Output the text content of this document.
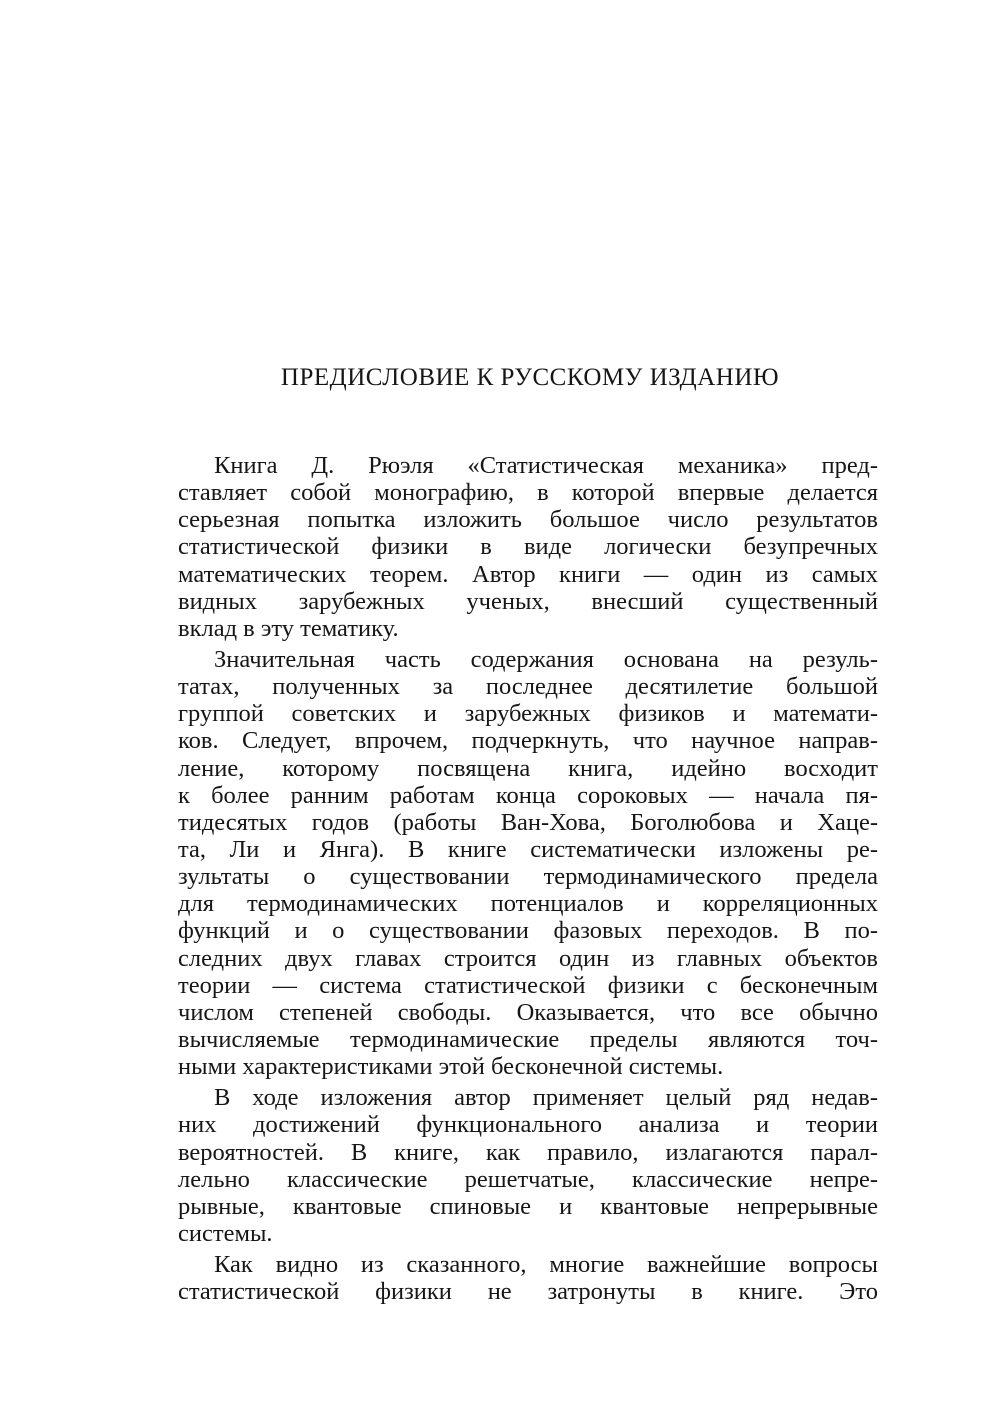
ПРЕДИСЛОВИЕ К РУССКОМУ ИЗДАНИЮ

Книга Д. Рюэля «Статистическая механика» пред-
ставляет собой монографию, в которой впервые делается
серьезная попытка изложить большое число результатов
статистической физики в виде логически безупречных
математических теорем. Автор книги — один из самых
видных зарубежных ученых, внесший существенный
вклад в эту тематику.

Значительная часть содержания основана на резуль-
татах, полученных за последнее десятилетие большой
группой советских и зарубежных физиков и математи-
ков. Следует, впрочем, подчеркнуть, что научное направ-
ление, которому посвящена книга, идейно восходит
к более ранним работам конца сороковых — начала пя-
тидесятых годов (работы Ван-Хова, Боголюбова и Хаце-
та, Ли и Янга). В книге систематически изложены ре-
зультаты о существовании термодинамического предела
для термодинамических потенциалов и корреляционных
функций и о существовании фазовых переходов. В по-
следних двух главах строится один из главных объектов
теории — система статистической физики с бесконечным
числом степеней свободы. Оказывается, что все обычно
вычисляемые термодинамические пределы являются точ-
ными характеристиками этой бесконечной системы.

В ходе изложения автор применяет целый ряд недав-
них достижений функционального анализа и теории
вероятностей. В книге, как правило, излагаются парал-
лельно классические решетчатые, классические непре-
рывные, квантовые спиновые и квантовые непрерывные
системы.

Как видно из сказанного, многие важнейшие вопросы
статистической физики не затронуты в книге. Это
